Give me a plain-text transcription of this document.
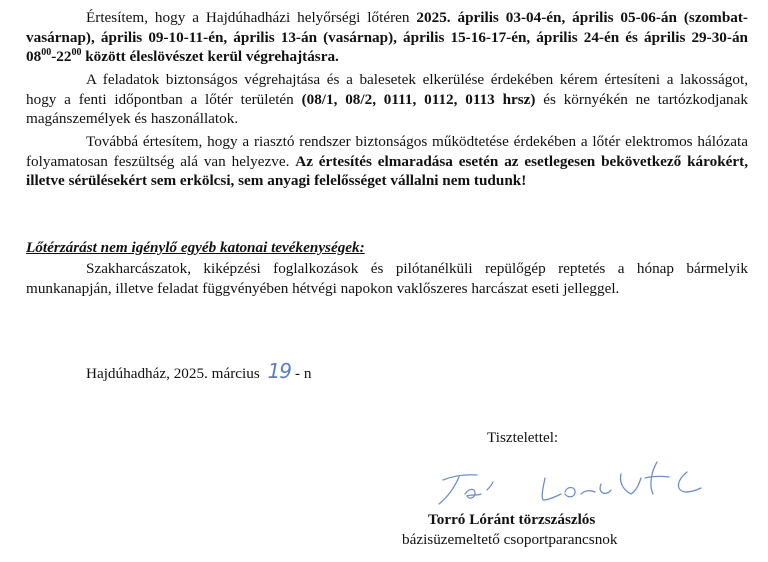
Értesítem, hogy a Hajdúhadházi helyőrségi lőtéren 2025. április 03-04-én, április 05-06-án (szombat- vasárnap), április 09-10-11-én, április 13-án (vasárnap), április 15-16-17-én, április 24-én és április 29-30-án $08^{00}-22^{00}$ között éleslövészet kerül végrehajtásra.

A feladatok biztonságos végrehajtása és a balesetek elkerülése érdekében kérem értesíteni a lakosságot, hogy a fenti időpontban a lőtér területén (08/1, 08/2, 0111, 0112, 0113 hrsz) és környékén ne tartózkodjanak magánszemélyek és haszonállatok.

Továbbá értesítem, hogy a riasztó rendszer biztonságos működtetése érdekében a lőtér elektromos hálózata folyamatosan feszültség alá van helyezve. Az értesítés elmaradása esetén az esetlegesen bekövetkező károkért, illetve sérülésekért sem erkölcsi, sem anyagi felelősséget vállalni nem tudunk!

Lőtérzárást nem igénylő egyéb katonai tevékenységek:

Szakharcászatok, kiképzési foglalkozások és pilótanélküli repülőgép reptetés a hónap bármelyik munkanapján, illetve feladat függvényében hétvégi napokon vaklőszeres harcászat eseti jelleggel.

Hajdúhadház, 2025. március 19 - n

Tisztelettel:

Torró Lóránt törzszászlós

bázisüzemeltető csoportparancsnok
